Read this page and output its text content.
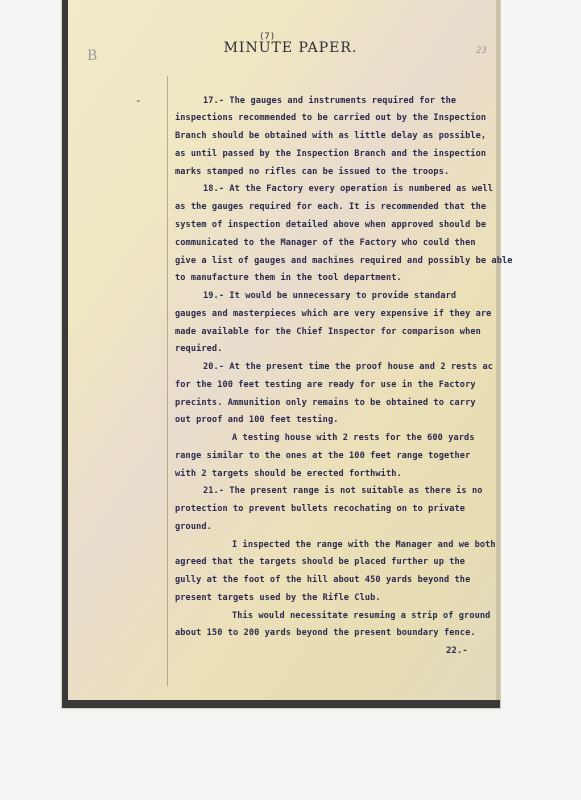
(7)
MINUTE PAPER.
B	23
-	17.- The gauges and instruments required for the
inspections recommended to be carried out by the Inspection
Branch should be obtained with as little delay as possible,
as until passed by the Inspection Branch and the inspection
marks stamped no rifles can be issued to the troops.
18.- At the Factory every operation is numbered as well
as the gauges required for each. It is recommended that the
system of inspection detailed above when approved should be
communicated to the Manager of the Factory who could then
give a list of gauges and machines required and possibly be able
to manufacture them in the tool department.
19.- It would be unnecessary to provide standard
gauges and masterpieces which are very expensive if they are
made available for the Chief Inspector for comparison when
required.
20.- At the present time the proof house and 2 rests ac
for the 100 feet testing are ready for use in the Factory
precints. Ammunition only remains to be obtained to carry
out proof and 100 feet testing.
A testing house with 2 rests for the 600 yards
range similar to the ones at the 100 feet range together
with 2 targets should be erected forthwith.
21.- The present range is not suitable as there is no
protection to prevent bullets recochating on to private
ground.
I inspected the range with the Manager and we both
agreed that the targets should be placed further up the
gully at the foot of the hill about 450 yards beyond the
present targets used by the Rifle Club.
This would necessitate resuming a strip of ground
about 150 to 200 yards beyond the present boundary fence.
22.-
